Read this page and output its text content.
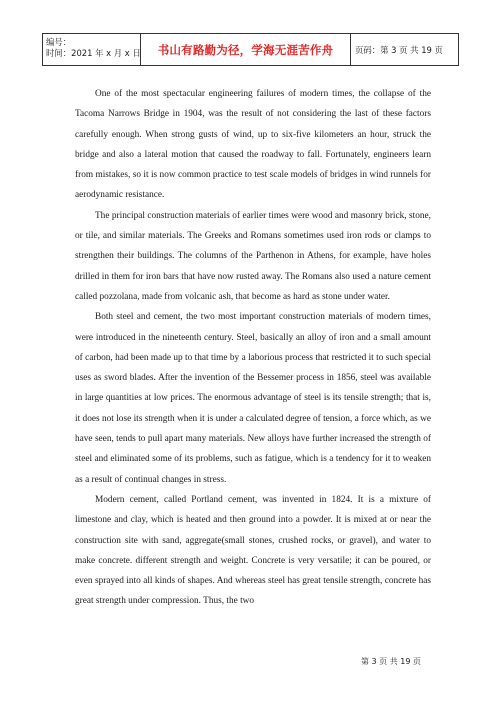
编号：
时间：2021 年 x 月 x 日	书山有路勤为径，学海无涯苦作舟	页码：第 3 页 共 19 页

One of the most spectacular engineering failures of modern times, the collapse of the Tacoma Narrows Bridge in 1904, was the result of not considering the last of these factors carefully enough. When strong gusts of wind, up to six-five kilometers an hour, struck the bridge and also a lateral motion that caused the roadway to fall. Fortunately, engineers learn from mistakes, so it is now common practice to test scale models of bridges in wind runnels for aerodynamic resistance.

The principal construction materials of earlier times were wood and masonry brick, stone, or tile, and similar materials. The Greeks and Romans sometimes used iron rods or clamps to strengthen their buildings. The columns of the Parthenon in Athens, for example, have holes drilled in them for iron bars that have now rusted away. The Romans also used a nature cement called pozzolana, made from volcanic ash, that become as hard as stone under water.

Both steel and cement, the two most important construction materials of modern times, were introduced in the nineteenth century. Steel, basically an alloy of iron and a small amount of carbon, had been made up to that time by a laborious process that restricted it to such special uses as sword blades. After the invention of the Bessemer process in 1856, steel was available in large quantities at low prices. The enormous advantage of steel is its tensile strength; that is, it does not lose its strength when it is under a calculated degree of tension, a force which, as we have seen, tends to pull apart many materials. New alloys have further increased the strength of steel and eliminated some of its problems, such as fatigue, which is a tendency for it to weaken as a result of continual changes in stress.

Modern cement, called Portland cement, was invented in 1824. It is a mixture of limestone and clay, which is heated and then ground into a powder. It is mixed at or near the construction site with sand, aggregate(small stones, crushed rocks, or gravel), and water to make concrete. different strength and weight. Concrete is very versatile; it can be poured, or even sprayed into all kinds of shapes. And whereas steel has great tensile strength, concrete has great strength under compression. Thus, the two

第 3 页 共 19 页
